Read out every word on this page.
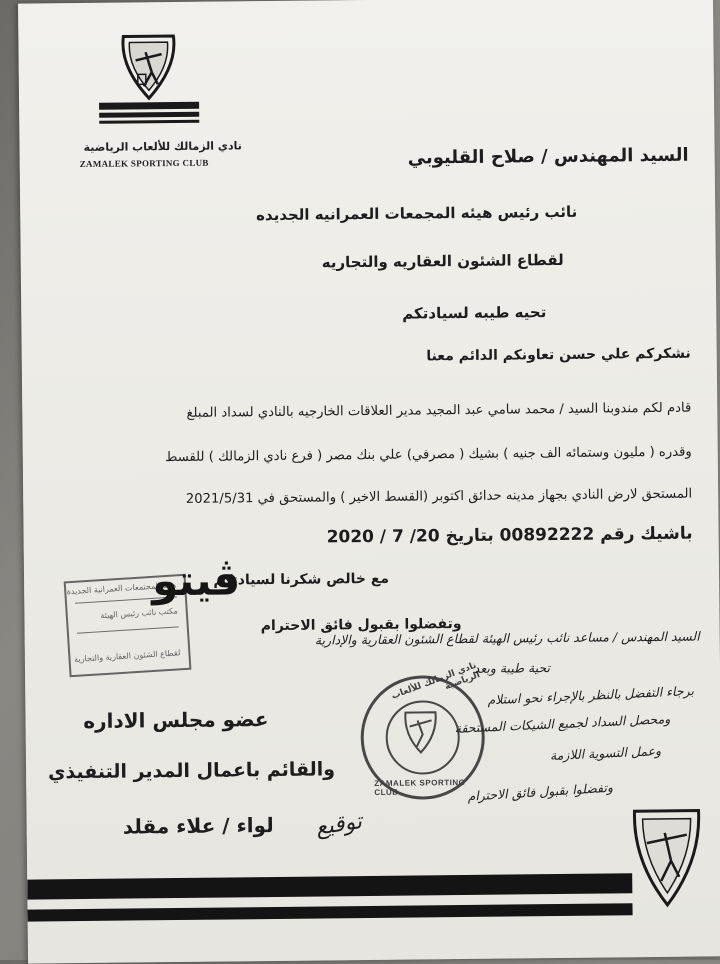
نادي الزمالك للألعاب الرياضية
ZAMALEK SPORTING CLUB	السيد المهندس / صلاح القليوبي
نائب رئيس هيئه المجمعات العمرانيه الجديده
لقطاع الشئون العقاريه والتجاريه
تحيه طيبه لسيادتكم
نشكركم علي حسن تعاونكم الدائم معنا
قادم لكم مندوبنا السيد / محمد سامي عبد المجيد مدير العلاقات الخارجيه بالنادي لسداد المبلغ
وقدره ( مليون وستمائه الف جنيه ) بشيك ( مصرفي) علي بنك مصر ( فرع نادي الزمالك ) للقسط
المستحق لارض النادي بجهاز مدينه حدائق اكتوبر (القسط الاخير ) والمستحق في 2021/5/31
باشيك رقم 00892222 بتاريخ 20/ 7 / 2020
مع خالص شكرنا لسيادتكم
وتفضلوا بقبول فائق الاحترام
هيئة المجتمعات العمرانية الجديدة
مكتب نائب رئيس الهيئة
لقطاع الشئون العقارية والتجارية
ڤيتو
السيد المهندس / مساعد نائب رئيس الهيئة لقطاع الشئون العقارية والإدارية
تحية طيبة وبعد
برجاء التفضل بالنظر بالإجراء نحو استلام
ومحصل السداد لجميع الشيكات المستحقة
وعمل التسوية اللازمة
وتفضلوا بقبول فائق الاحترام
توقيع
نادي الزمالك للألعاب الرياضية
ZAMALEK SPORTING CLUB
عضو مجلس الاداره
والقائم باعمال المدير التنفيذي
لواء / علاء مقلد
